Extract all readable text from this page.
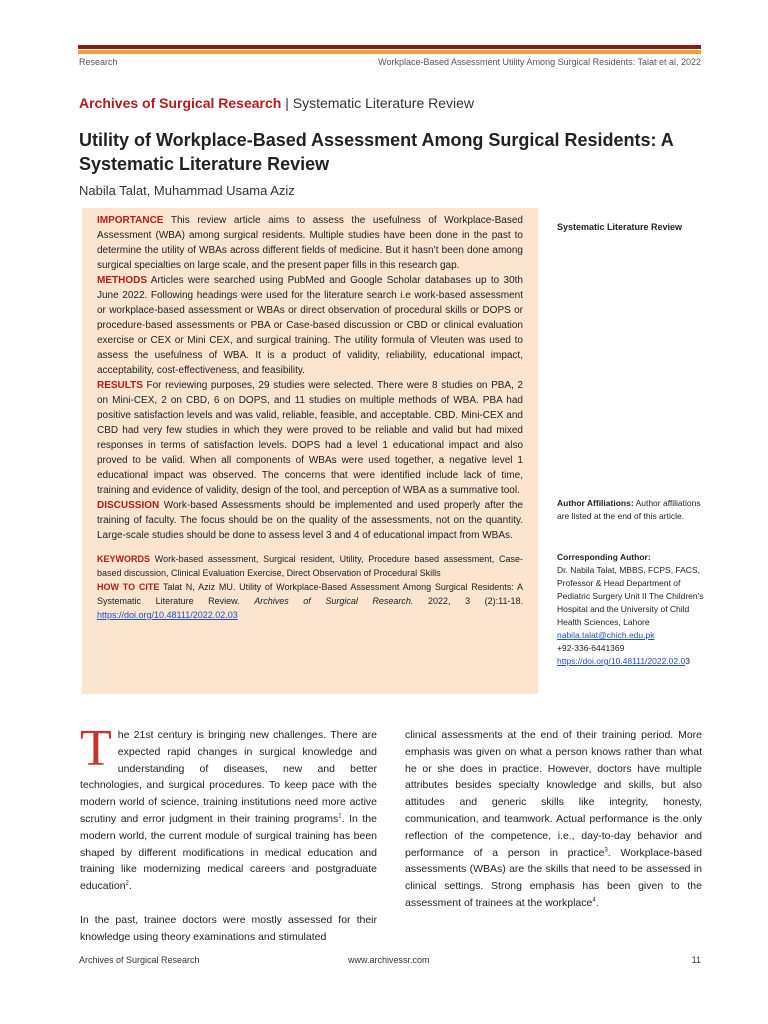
Research	Workplace-Based Assessment Utility Among Surgical Residents: Talat et al, 2022
Archives of Surgical Research | Systematic Literature Review
Utility of Workplace-Based Assessment Among Surgical Residents: A Systematic Literature Review
Nabila Talat, Muhammad Usama Aziz

IMPORTANCE This review article aims to assess the usefulness of Workplace-Based Assessment (WBA) among surgical residents. Multiple studies have been done in the past to determine the utility of WBAs across different fields of medicine. But it hasn’t been done among surgical specialties on large scale, and the present paper fills in this research gap.

METHODS Articles were searched using PubMed and Google Scholar databases up to 30th June 2022. Following headings were used for the literature search i.e work-based assessment or workplace-based assessment or WBAs or direct observation of procedural skills or DOPS or procedure-based assessments or PBA or Case-based discussion or CBD or clinical evaluation exercise or CEX or Mini CEX, and surgical training. The utility formula of Vleuten was used to assess the usefulness of WBA. It is a product of validity, reliability, educational impact, acceptability, cost-effectiveness, and feasibility.

RESULTS For reviewing purposes, 29 studies were selected. There were 8 studies on PBA, 2 on Mini-CEX, 2 on CBD, 6 on DOPS, and 11 studies on multiple methods of WBA. PBA had positive satisfaction levels and was valid, reliable, feasible, and acceptable. CBD. Mini-CEX and CBD had very few studies in which they were proved to be reliable and valid but had mixed responses in terms of satisfaction levels. DOPS had a level 1 educational impact and also proved to be valid. When all components of WBAs were used together, a negative level 1 educational impact was observed. The concerns that were identified include lack of time, training and evidence of validity, design of the tool, and perception of WBA as a summative tool.

DISCUSSION Work-based Assessments should be implemented and used properly after the training of faculty. The focus should be on the quality of the assessments, not on the quantity. Large-scale studies should be done to assess level 3 and 4 of educational impact from WBAs.

KEYWORDS Work-based assessment, Surgical resident, Utility, Procedure based assessment, Case-based discussion, Clinical Evaluation Exercise, Direct Observation of Procedural Skills

HOW TO CITE Talat N, Aziz MU. Utility of Workplace-Based Assessment Among Surgical Residents: A Systematic Literature Review. Archives of Surgical Research. 2022, 3 (2):11-18. https://doi.org/10.48111/2022.02.03

Systematic Literature Review
Author Affiliations: Author affiliations are listed at the end of this article.
Corresponding Author:
Dr. Nabila Talat, MBBS, FCPS, FACS, Professor & Head Department of Pediatric Surgery Unit II The Children’s Hospital and the University of Child Health Sciences, Lahore
nabila.talat@chich.edu.pk
+92-336-6441369
https://doi.org/10.48111/2022.02.03

The 21st century is bringing new challenges. There are expected rapid changes in surgical knowledge and understanding of diseases, new and better technologies, and surgical procedures. To keep pace with the modern world of science, training institutions need more active scrutiny and error judgment in their training programs$^1$. In the modern world, the current module of surgical training has been shaped by different modifications in medical education and training like modernizing medical careers and postgraduate education$^2$.

In the past, trainee doctors were mostly assessed for their knowledge using theory examinations and stimulated

clinical assessments at the end of their training period. More emphasis was given on what a person knows rather than what he or she does in practice. However, doctors have multiple attributes besides specialty knowledge and skills, but also attitudes and generic skills like integrity, honesty, communication, and teamwork. Actual performance is the only reflection of the competence, i.e., day-to-day behavior and performance of a person in practice$^3$. Workplace-based assessments (WBAs) are the skills that need to be assessed in clinical settings. Strong emphasis has been given to the assessment of trainees at the workplace$^4$.

Archives of Surgical Research	www.archivessr.com	11
